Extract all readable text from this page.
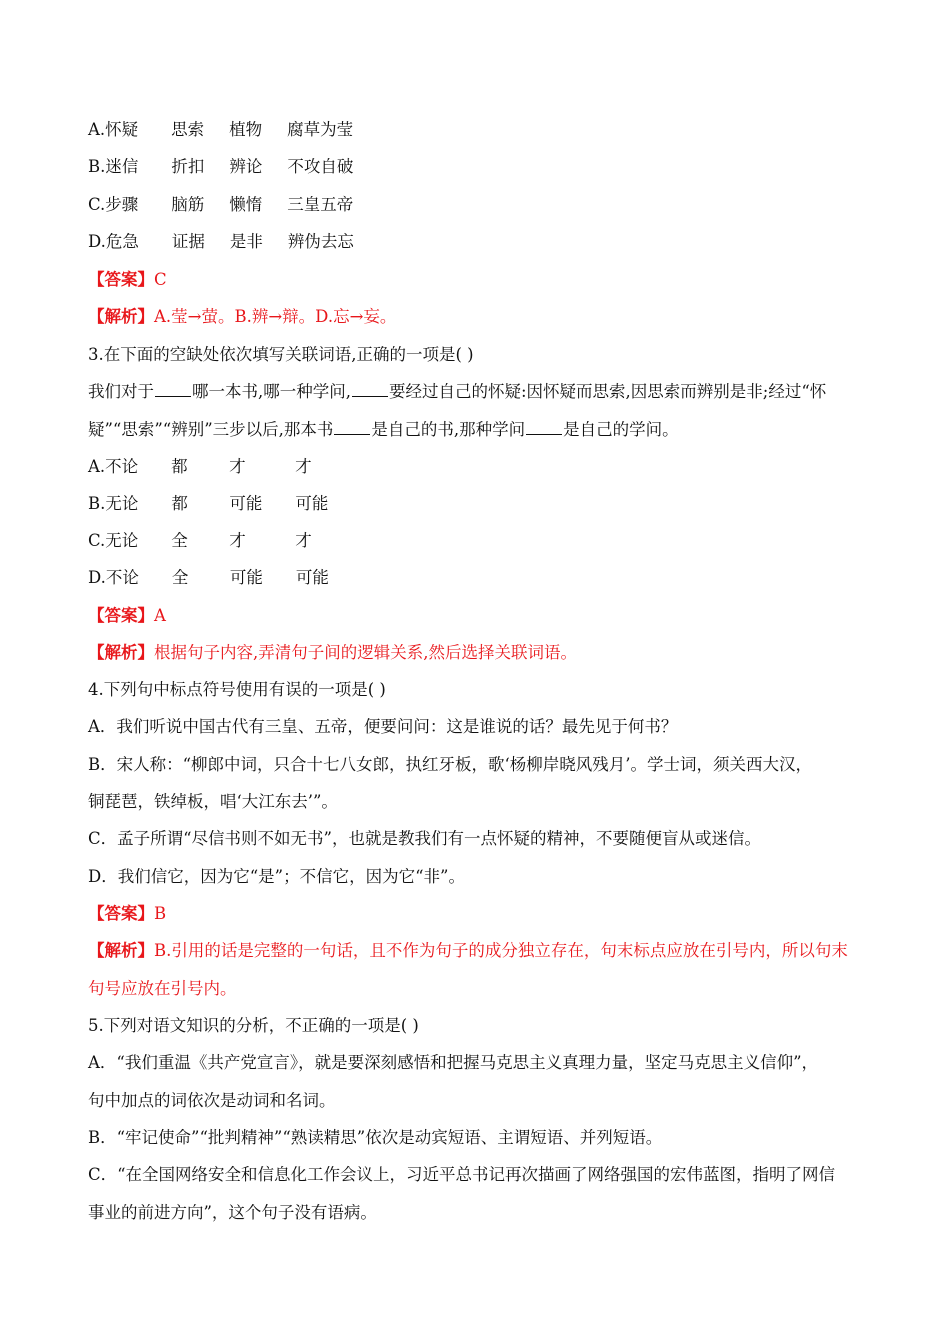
A.怀疑 思索 植物 腐草为莹
B.迷信 折扣 辨论 不攻自破
C.步骤 脑筋 懒惰 三皇五帝
D.危急 证据 是非 辨伪去忘
【答案】C
【解析】A.莹→萤。B.辨→辩。D.忘→妄。
3.在下面的空缺处依次填写关联词语,正确的一项是( )
我们对于 哪一本书,哪一种学问, 要经过自己的怀疑:因怀疑而思索,因思索而辨别是非;经过“怀
疑”“思索”“辨别”三步以后,那本书 是自己的书,那种学问 是自己的学问。
A.不论 都	才	才
B.无论 都	可能 可能
C.无论 全	才	才
D.不论 全	可能 可能
【答案】A
【解析】根据句子内容,弄清句子间的逻辑关系,然后选择关联词语。
4.下列句中标点符号使用有误的一项是( )
A．我们听说中国古代有三皇、五帝，便要问问：这是谁说的话？最先见于何书？
B．宋人称：“柳郎中词，只合十七八女郎，执红牙板，歌‘杨柳岸晓风残月’。学士词，须关西大汉，
铜琵琶，铁绰板，唱‘大江东去’”。
C．孟子所谓“尽信书则不如无书”，也就是教我们有一点怀疑的精神，不要随便盲从或迷信。
D．我们信它，因为它“是”；不信它，因为它“非”。
【答案】B
【解析】B.引用的话是完整的一句话，且不作为句子的成分独立存在，句末标点应放在引号内，所以句末
句号应放在引号内。
5.下列对语文知识的分析，不正确的一项是( )
A．“我们重温《共产党宣言》，就是要深刻感悟和把握马克思主义真理力量，坚定马克思主义信仰”，
句中加点的词依次是动词和名词。
B．“牢记使命”“批判精神”“熟读精思”依次是动宾短语、主谓短语、并列短语。
C．“在全国网络安全和信息化工作会议上，习近平总书记再次描画了网络强国的宏伟蓝图，指明了网信
事业的前进方向”，这个句子没有语病。
